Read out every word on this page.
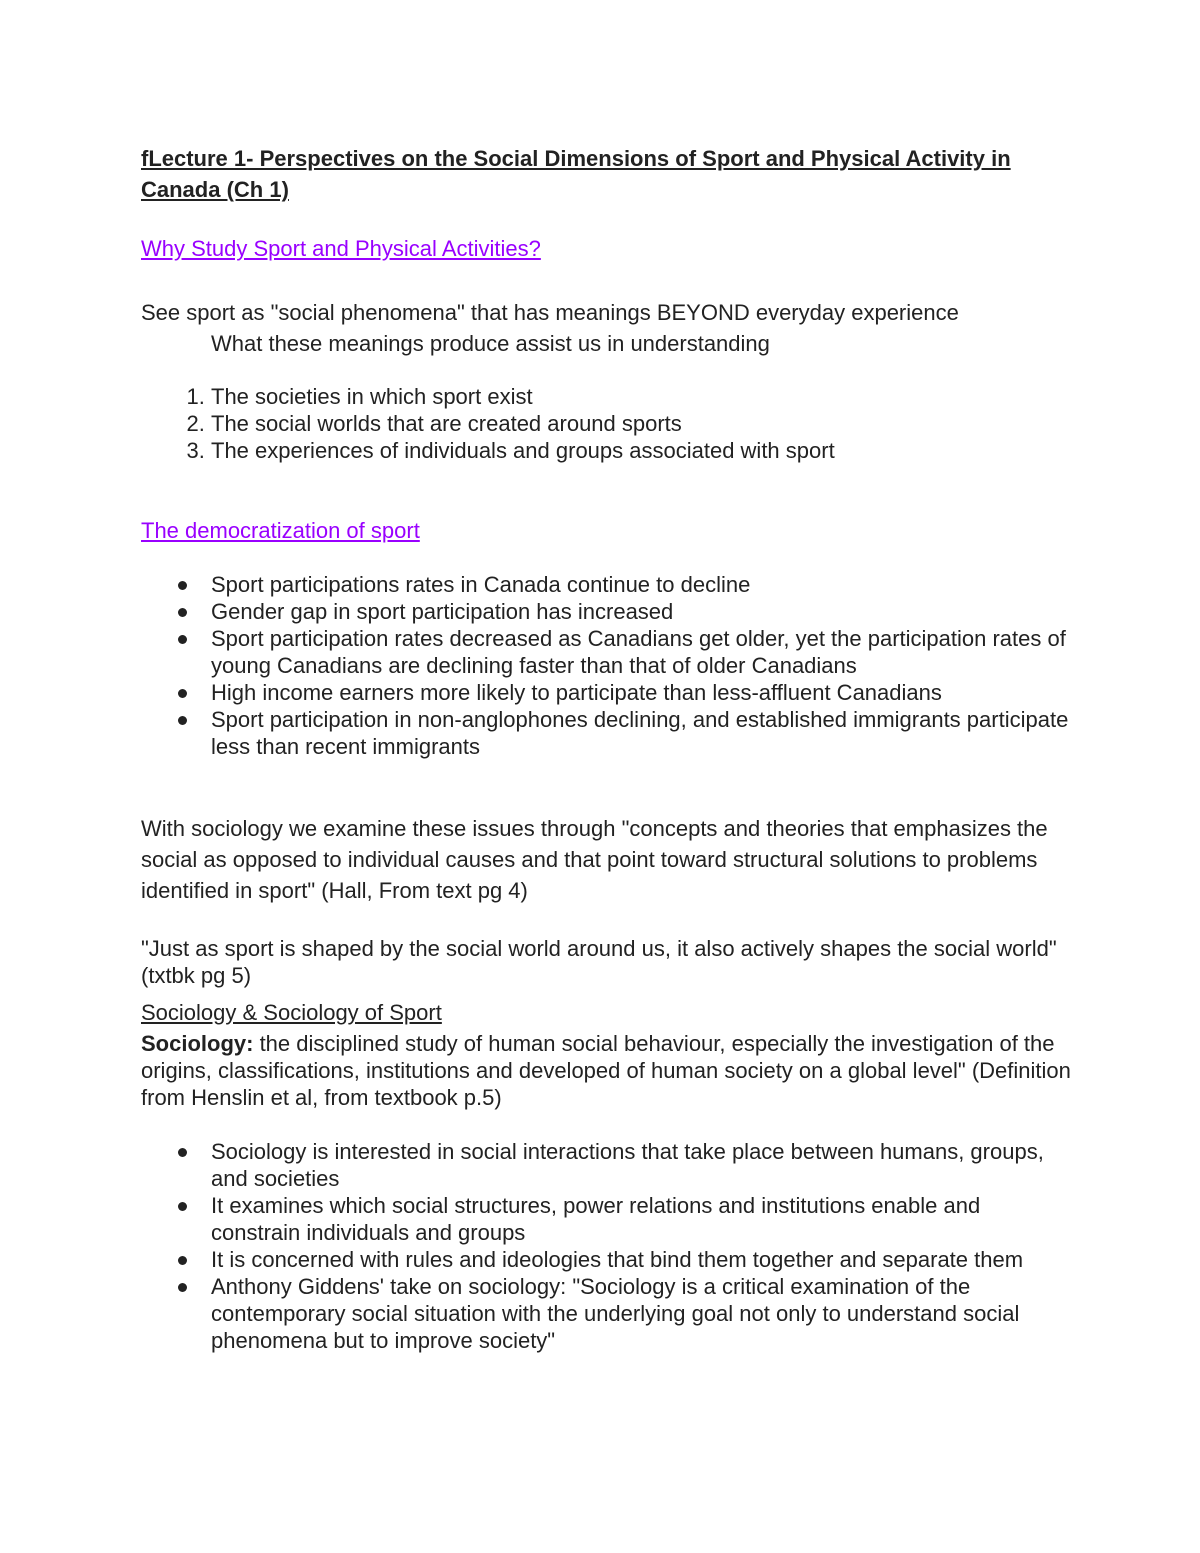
fLecture 1- Perspectives on the Social Dimensions of Sport and Physical Activity in Canada (Ch 1)

Why Study Sport and Physical Activities?

See sport as "social phenomena" that has meanings BEYOND everyday experience

What these meanings produce assist us in understanding

1. The societies in which sport exist
2. The social worlds that are created around sports
3. The experiences of individuals and groups associated with sport

The democratization of sport

Sport participations rates in Canada continue to decline
Gender gap in sport participation has increased
Sport participation rates decreased as Canadians get older, yet the participation rates of young Canadians are declining faster than that of older Canadians
High income earners more likely to participate than less-affluent Canadians
Sport participation in non-anglophones declining, and established immigrants participate less than recent immigrants

With sociology we examine these issues through "concepts and theories that emphasizes the social as opposed to individual causes and that point toward structural solutions to problems identified in sport" (Hall, From text pg 4)

"Just as sport is shaped by the social world around us, it also actively shapes the social world" (txtbk pg 5)

Sociology & Sociology of Sport

Sociology: the disciplined study of human social behaviour, especially the investigation of the origins, classifications, institutions and developed of human society on a global level" (Definition from Henslin et al, from textbook p.5)

Sociology is interested in social interactions that take place between humans, groups, and societies
It examines which social structures, power relations and institutions enable and constrain individuals and groups
It is concerned with rules and ideologies that bind them together and separate them
Anthony Giddens' take on sociology: "Sociology is a critical examination of the contemporary social situation with the underlying goal not only to understand social phenomena but to improve society"
